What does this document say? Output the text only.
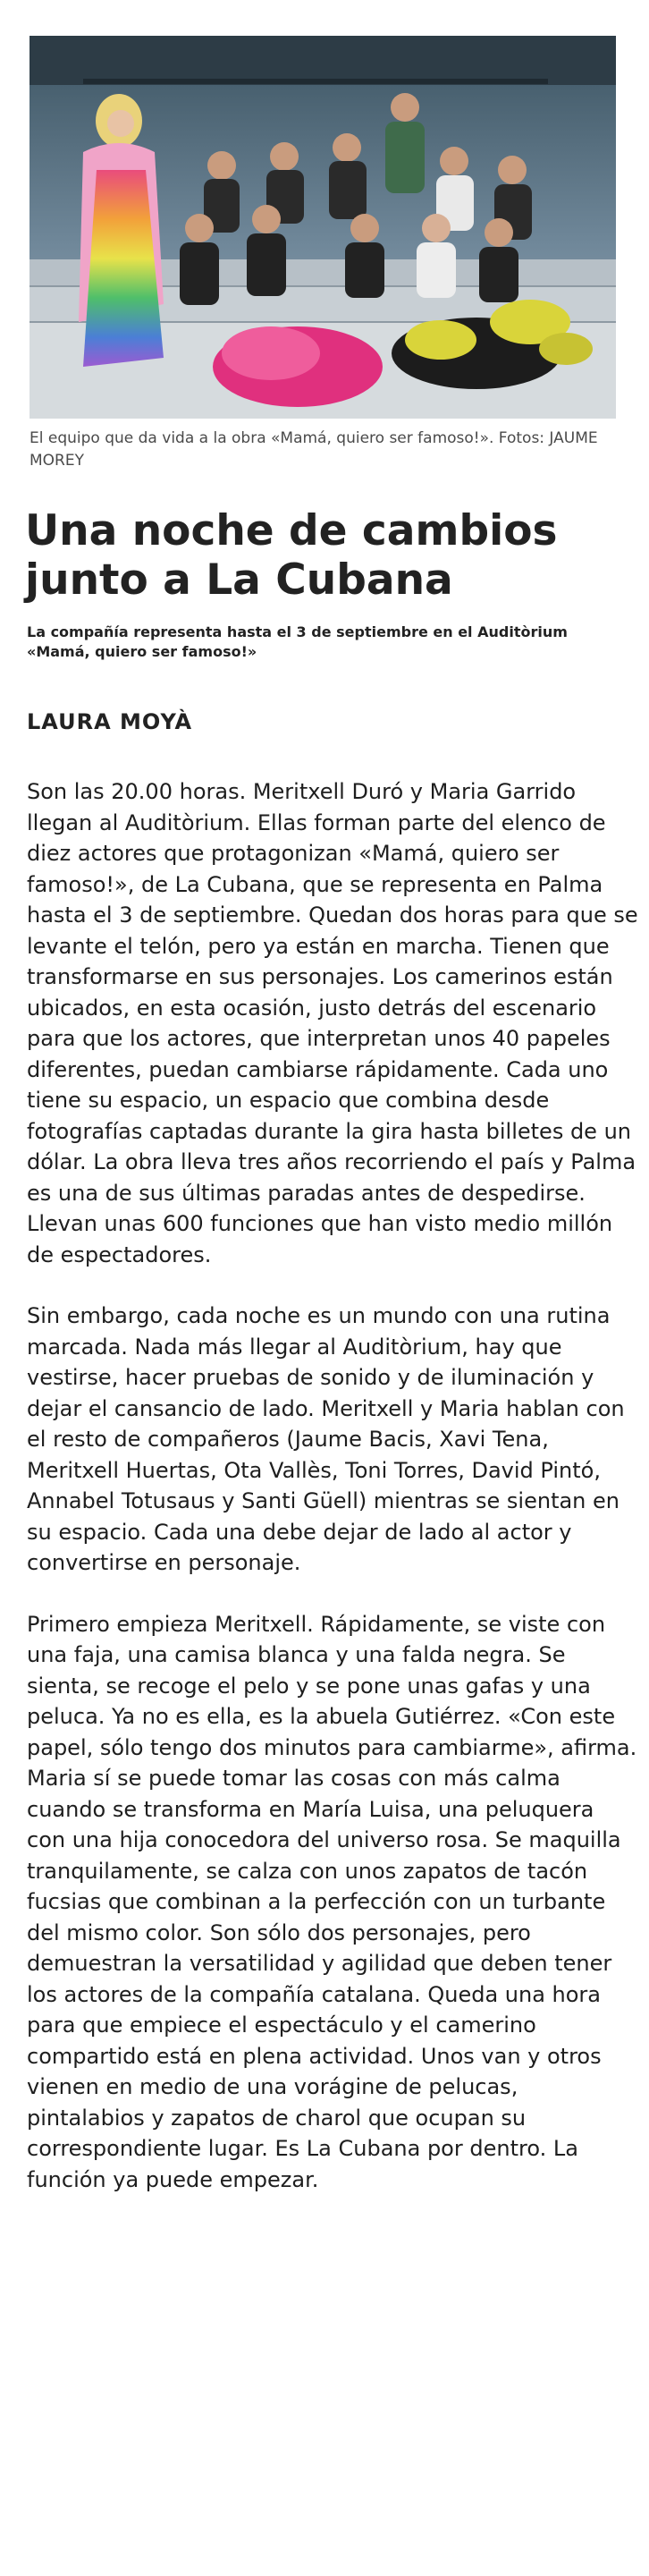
El equipo que da vida a la obra «Mamá, quiero ser famoso!». Fotos: JAUME MOREY
Una noche de cambios junto a La Cubana
La compañía representa hasta el 3 de septiembre en el Auditòrium «Mamá, quiero ser famoso!»
LAURA MOYÀ

Son las 20.00 horas. Meritxell Duró y Maria Garrido llegan al Auditòrium. Ellas forman parte del elenco de diez actores que protagonizan «Mamá, quiero ser famoso!», de La Cubana, que se representa en Palma hasta el 3 de septiembre. Quedan dos horas para que se levante el telón, pero ya están en marcha. Tienen que transformarse en sus personajes. Los camerinos están ubicados, en esta ocasión, justo detrás del escenario para que los actores, que interpretan unos 40 papeles diferentes, puedan cambiarse rápidamente. Cada uno tiene su espacio, un espacio que combina desde fotografías captadas durante la gira hasta billetes de un dólar. La obra lleva tres años recorriendo el país y Palma es una de sus últimas paradas antes de despedirse. Llevan unas 600 funciones que han visto medio millón de espectadores.

Sin embargo, cada noche es un mundo con una rutina marcada. Nada más llegar al Auditòrium, hay que vestirse, hacer pruebas de sonido y de iluminación y dejar el cansancio de lado. Meritxell y Maria hablan con el resto de compañeros (Jaume Bacis, Xavi Tena, Meritxell Huertas, Ota Vallès, Toni Torres, David Pintó, Annabel Totusaus y Santi Güell) mientras se sientan en su espacio. Cada una debe dejar de lado al actor y convertirse en personaje.

Primero empieza Meritxell. Rápidamente, se viste con una faja, una camisa blanca y una falda negra. Se sienta, se recoge el pelo y se pone unas gafas y una peluca. Ya no es ella, es la abuela Gutiérrez. «Con este papel, sólo tengo dos minutos para cambiarme», afirma. Maria sí se puede tomar las cosas con más calma cuando se transforma en María Luisa, una peluquera con una hija conocedora del universo rosa. Se maquilla tranquilamente, se calza con unos zapatos de tacón fucsias que combinan a la perfección con un turbante del mismo color. Son sólo dos personajes, pero demuestran la versatilidad y agilidad que deben tener los actores de la compañía catalana. Queda una hora para que empiece el espectáculo y el camerino compartido está en plena actividad. Unos van y otros vienen en medio de una vorágine de pelucas, pintalabios y zapatos de charol que ocupan su correspondiente lugar. Es La Cubana por dentro. La función ya puede empezar.
